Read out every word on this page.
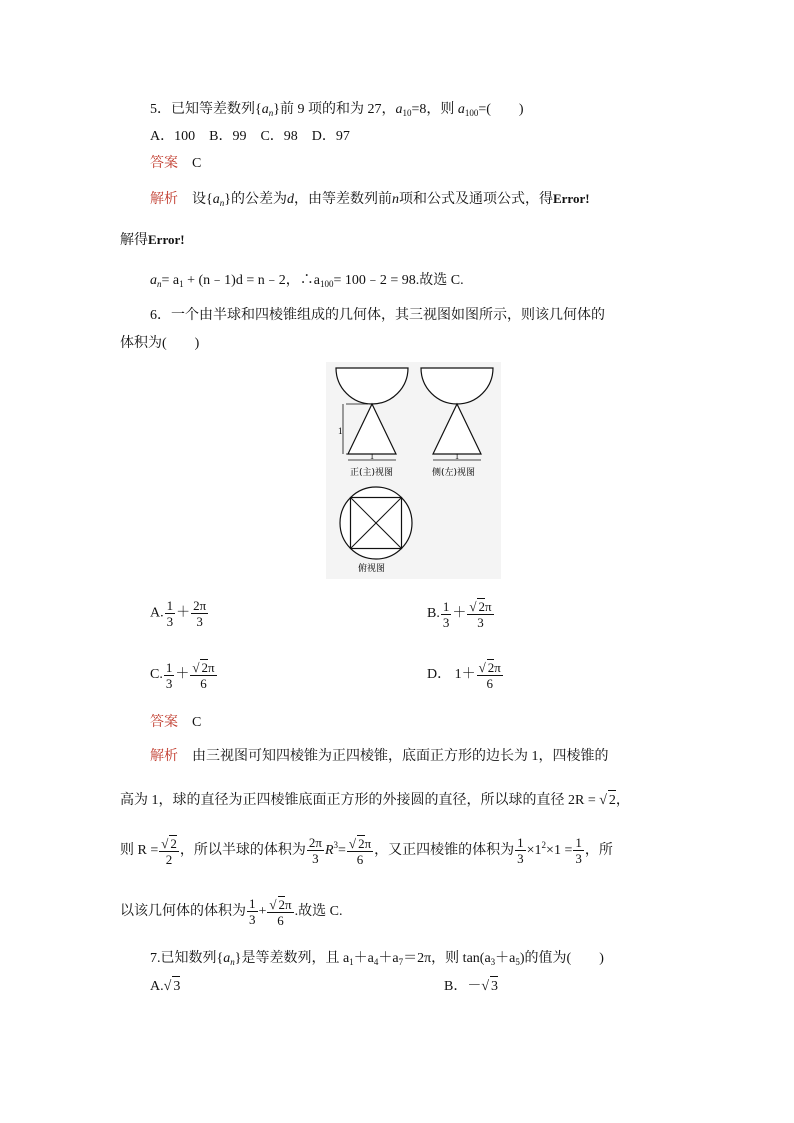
5．已知等差数列$\{a_n\}$前 9 项的和为 27，$a_{10}=8$，则 $a_{100}=$(　　)
A．100　B．99　C．98　D．97
答案　 C
解析　 设$\{a_n\}$的公差为d，由等差数列前n项和公式及通项公式，得Error!
解得Error!
$a_n= a_1$ + (n﹣1)d = n﹣2，$\therefore a_{100}=$ 100﹣2 = 98.故选 C.
6．一个由半球和四棱锥组成的几何体，其三视图如图所示，则该几何体的
体积为(　　)
1
1
正(主)视图
1
侧(左)视图
俯视图
A. $\frac{1}{3} + \frac{2\pi}{3}$	B. $\frac{1}{3} + \frac{√ 2\pi}{3}$
C. $\frac{1}{3} + \frac{√ 2\pi}{6}$	D． $1+ \frac{√ 2\pi}{6}$
答案　 C
解析　 由三视图可知四棱锥为正四棱锥，底面正方形的边长为 1，四棱锥的
高为 1，球的直径为正四棱锥底面正方形的外接圆的直径，所以球的直径 2R = √ 2，
则 $R = \frac{√ 2}{2}$ ，所以半球的体积为 $\frac{2\pi}{3} R^3= \frac{√ 2\pi}{6}$ ，又正四棱锥的体积为 $\frac{1}{3} \times 1^2\times 1 = \frac{1}{3}$ ，所
以该几何体的体积为 $\frac{1}{3} + \frac{√ 2\pi}{6}$ .故选 C.
7.已知数列$\{a_n\}$是等差数列，且 $a_1+a_4+a_7=2\pi$，则 $\tan(a_3+a_5)$的值为(　　)
A.√ 3	B．－√ 3
